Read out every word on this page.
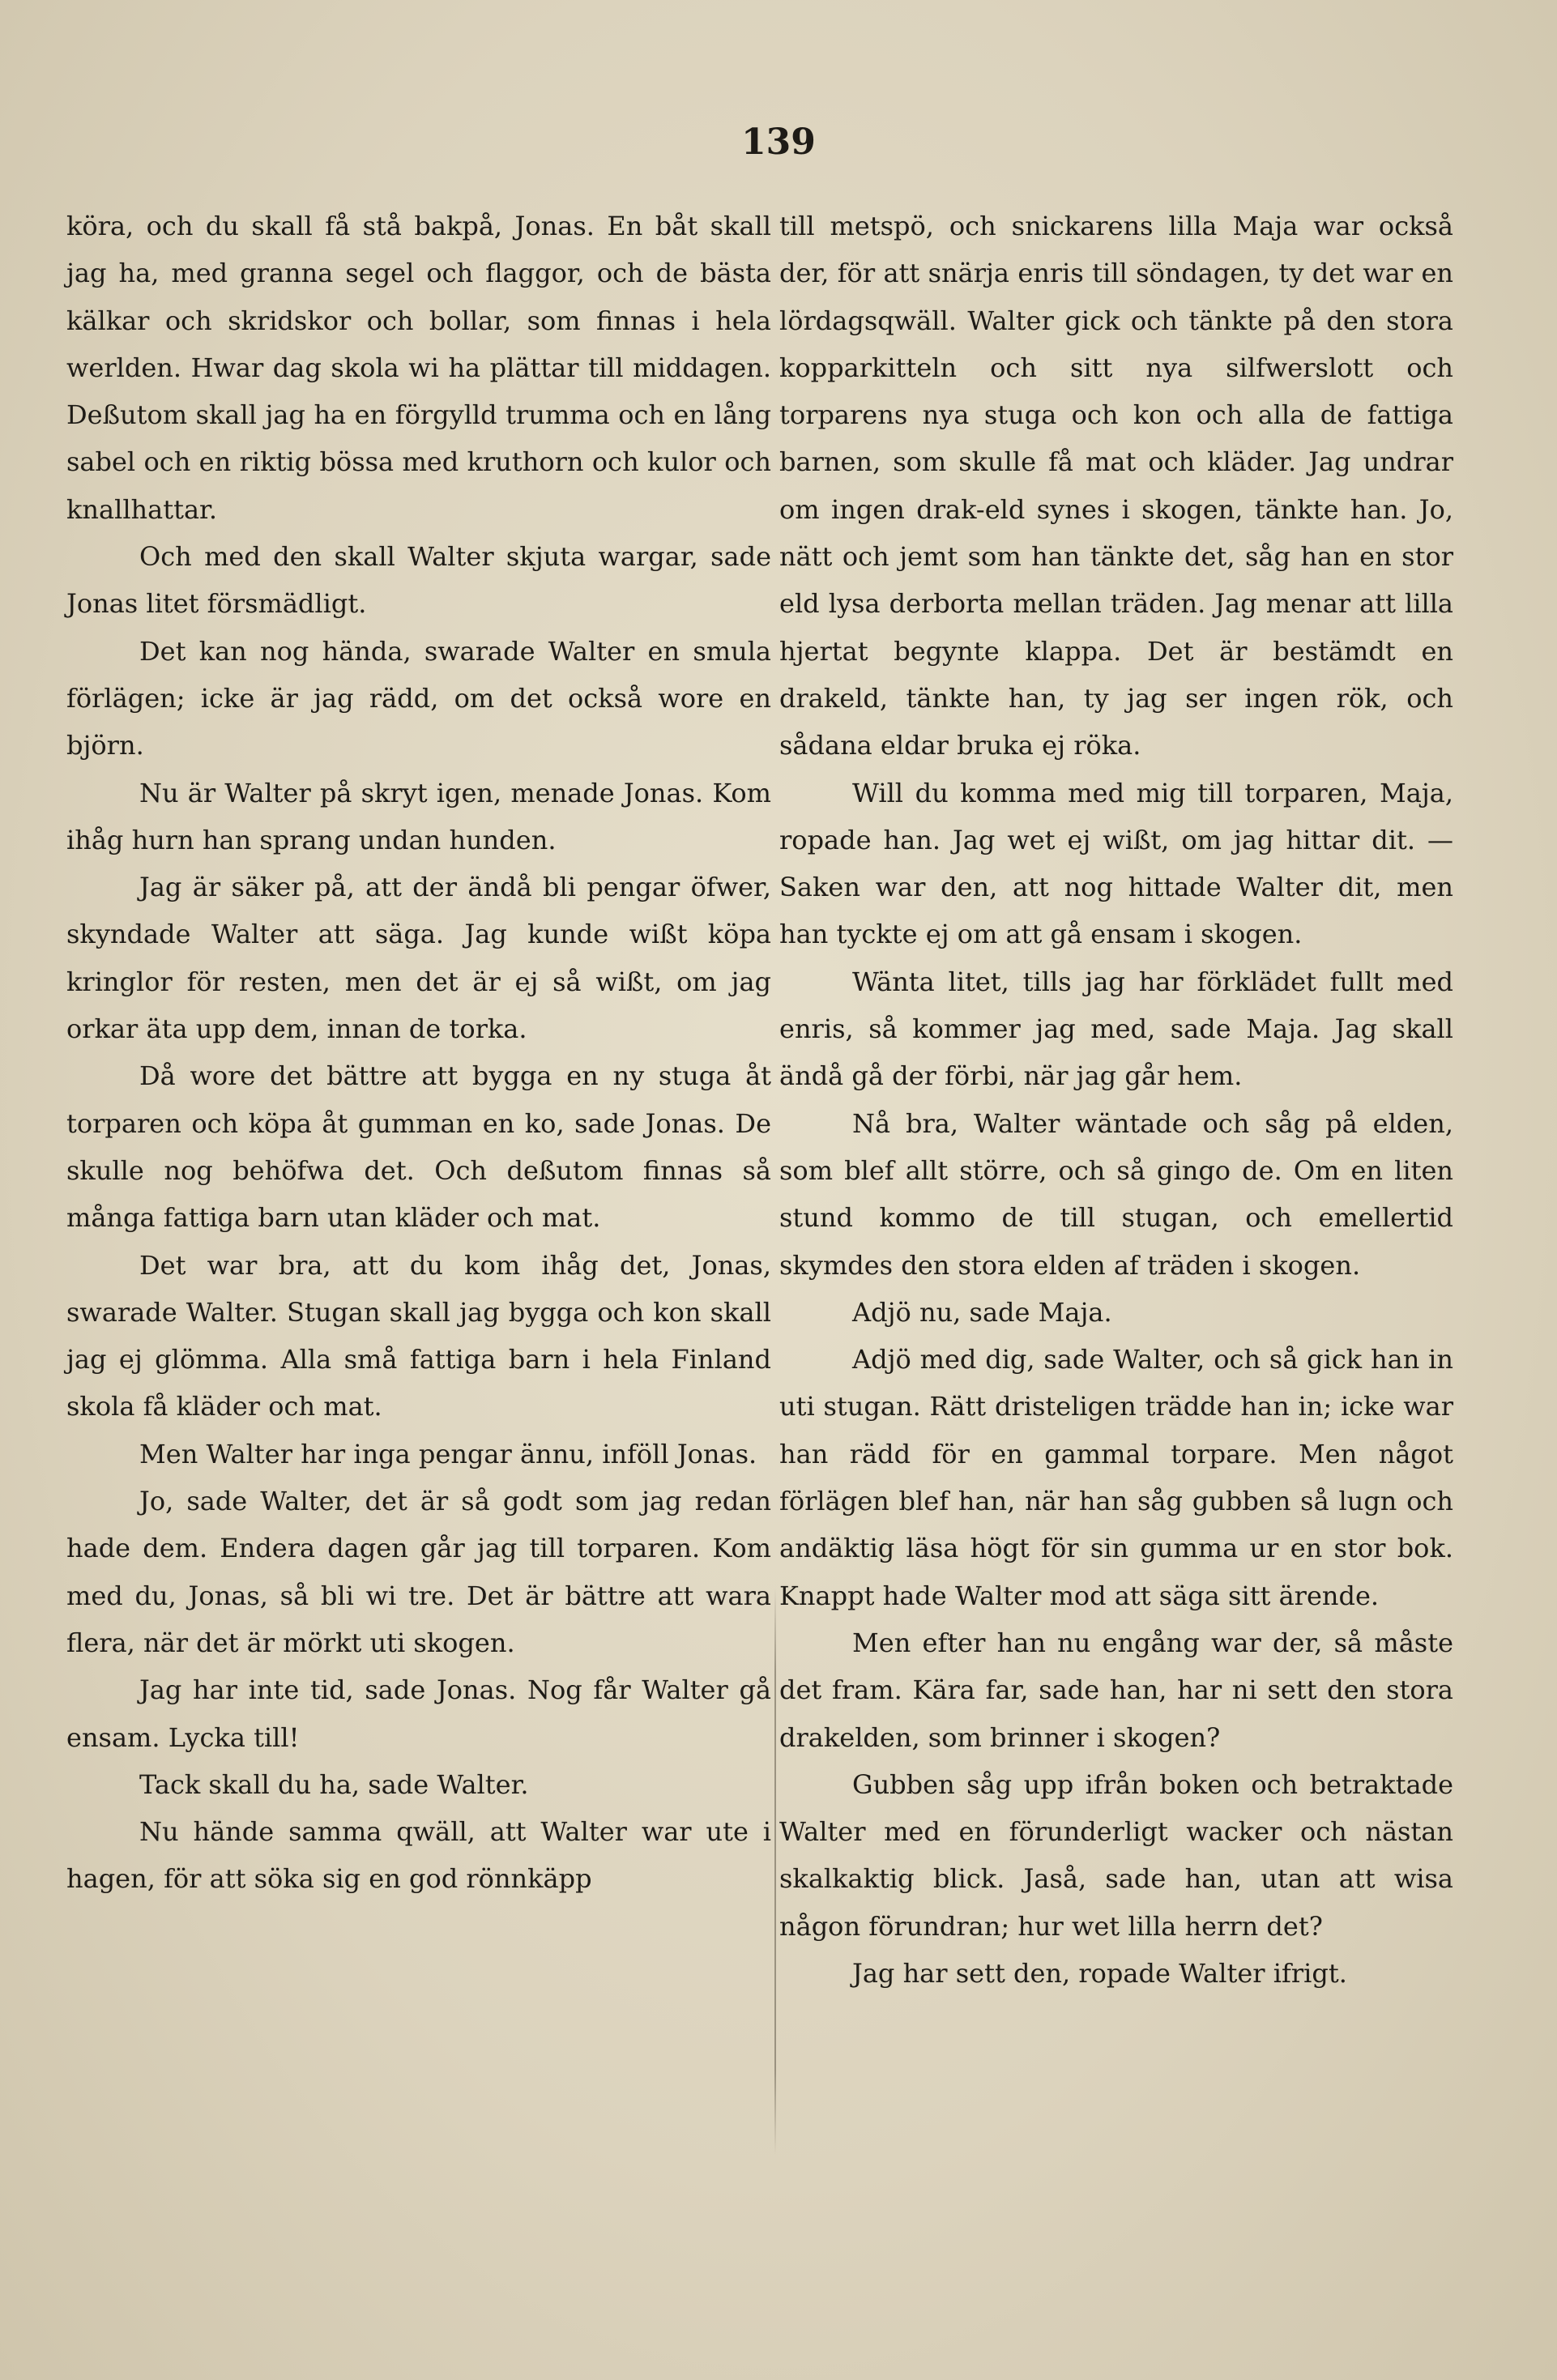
139

köra, och du skall få stå bakpå, Jonas. En båt skall jag ha, med granna segel och flaggor, och de bästa kälkar och skridskor och bollar, som finnas i hela werlden. Hwar dag skola wi ha plättar till middagen. Deßutom skall jag ha en förgylld trumma och en lång sabel och en riktig bössa med kruthorn och kulor och knallhattar.

Och med den skall Walter skjuta wargar, sade Jonas litet försmädligt.

Det kan nog hända, swarade Walter en smula förlägen; icke är jag rädd, om det också wore en björn.

Nu är Walter på skryt igen, menade Jonas. Kom ihåg hurn han sprang undan hunden.

Jag är säker på, att der ändå bli pengar öfwer, skyndade Walter att säga. Jag kunde wißt köpa kringlor för resten, men det är ej så wißt, om jag orkar äta upp dem, innan de torka.

Då wore det bättre att bygga en ny stuga åt torparen och köpa åt gumman en ko, sade Jonas. De skulle nog behöfwa det. Och deßutom finnas så många fattiga barn utan kläder och mat.

Det war bra, att du kom ihåg det, Jonas, swarade Walter. Stugan skall jag bygga och kon skall jag ej glömma. Alla små fattiga barn i hela Finland skola få kläder och mat.

Men Walter har inga pengar ännu, inföll Jonas.

Jo, sade Walter, det är så godt som jag redan hade dem. Endera dagen går jag till torparen. Kom med du, Jonas, så bli wi tre. Det är bättre att wara flera, när det är mörkt uti skogen.

Jag har inte tid, sade Jonas. Nog får Walter gå ensam. Lycka till!

Tack skall du ha, sade Walter.

Nu hände samma qwäll, att Walter war ute i hagen, för att söka sig en god rönnkäpp

till metspö, och snickarens lilla Maja war också der, för att snärja enris till söndagen, ty det war en lördagsqwäll. Walter gick och tänkte på den stora kopparkitteln och sitt nya silfwerslott och torparens nya stuga och kon och alla de fattiga barnen, som skulle få mat och kläder. Jag undrar om ingen drak-eld synes i skogen, tänkte han. Jo, nätt och jemt som han tänkte det, såg han en stor eld lysa derborta mellan träden. Jag menar att lilla hjertat begynte klappa. Det är bestämdt en drakeld, tänkte han, ty jag ser ingen rök, och sådana eldar bruka ej röka.

Will du komma med mig till torparen, Maja, ropade han. Jag wet ej wißt, om jag hittar dit. — Saken war den, att nog hittade Walter dit, men han tyckte ej om att gå ensam i skogen.

Wänta litet, tills jag har förklädet fullt med enris, så kommer jag med, sade Maja. Jag skall ändå gå der förbi, när jag går hem.

Nå bra, Walter wäntade och såg på elden, som blef allt större, och så gingo de. Om en liten stund kommo de till stugan, och emellertid skymdes den stora elden af träden i skogen.

Adjö nu, sade Maja.

Adjö med dig, sade Walter, och så gick han in uti stugan. Rätt dristeligen trädde han in; icke war han rädd för en gammal torpare. Men något förlägen blef han, när han såg gubben så lugn och andäktig läsa högt för sin gumma ur en stor bok. Knappt hade Walter mod att säga sitt ärende.

Men efter han nu engång war der, så måste det fram. Kära far, sade han, har ni sett den stora drakelden, som brinner i skogen?

Gubben såg upp ifrån boken och betraktade Walter med en förunderligt wacker och nästan skalkaktig blick. Jaså, sade han, utan att wisa någon förundran; hur wet lilla herrn det?

Jag har sett den, ropade Walter ifrigt.
